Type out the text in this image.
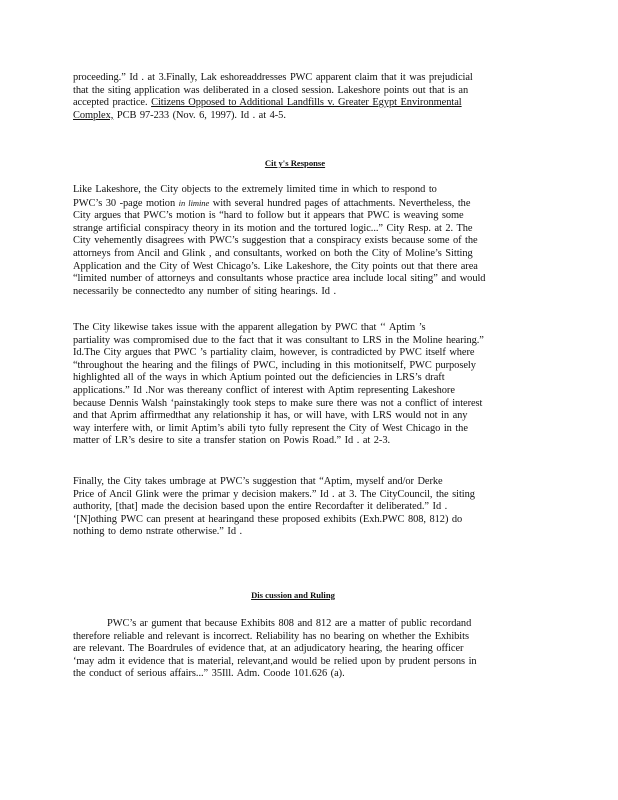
proceeding.” Id . at 3.Finally, Lak eshoreaddresses PWC apparent claim that it was prejudicial
that the siting application was deliberated in a closed session. Lakeshore points out that is an
accepted practice. Citizens Opposed to Additional Landfills v. Greater Egypt Environmental
Complex, PCB 97-233 (Nov. 6, 1997). Id . at 4-5.
Cit y's Response
Like Lakeshore, the City objects to the extremely limited time in which to respond to
PWC’s 30 -page motion in limine with several hundred pages of attachments. Nevertheless, the
City argues that PWC’s motion is “hard to follow but it appears that PWC is weaving some
strange artificial conspiracy theory in its motion and the tortured logic...” City Resp. at 2. The
City vehemently disagrees with PWC’s suggestion that a conspiracy exists because some of the
attorneys from Ancil and Glink , and consultants, worked on both the City of Moline’s Sitting
Application and the City of West Chicago’s. Like Lakeshore, the City points out that there area
“limited number of attorneys and consultants whose practice area include local siting” and would
necessarily be connectedto any number of siting hearings. Id .
The City likewise takes issue with the apparent allegation by PWC that ‘‘ Aptim ’s
partiality was compromised due to the fact that it was consultant to LRS in the Moline hearing.”
Id.The City argues that PWC ’s partiality claim, however, is contradicted by PWC itself where
“throughout the hearing and the filings of PWC, including in this motionitself, PWC purposely
highlighted all of the ways in which Aptium pointed out the deficiencies in LRS’s draft
applications.” Id .Nor was thereany conflict of interest with Aptim representing Lakeshore
because Dennis Walsh ‘painstakingly took steps to make sure there was not a conflict of interest
and that Aprim affirmedthat any relationship it has, or will have, with LRS would not in any
way interfere with, or limit Aptim’s abili tyto fully represent the City of West Chicago in the
matter of LR’s desire to site a transfer station on Powis Road.” Id . at 2-3.
Finally, the City takes umbrage at PWC’s suggestion that “Aptim, myself and/or Derke
Price of Ancil Glink were the primar y decision makers.” Id . at 3. The CityCouncil, the siting
authority, [that] made the decision based upon the entire Recordafter it deliberated.” Id .
‘[N]othing PWC can present at hearingand these proposed exhibits (Exh.PWC 808, 812) do
nothing to demo nstrate otherwise.” Id .
Dis cussion and Ruling
PWC’s ar gument that because Exhibits 808 and 812 are a matter of public recordand
therefore reliable and relevant is incorrect. Reliability has no bearing on whether the Exhibits
are relevant. The Boardrules of evidence that, at an adjudicatory hearing, the hearing officer
‘may adm it evidence that is material, relevant,and would be relied upon by prudent persons in
the conduct of serious affairs...” 35Ill. Adm. Coode 101.626 (a).
